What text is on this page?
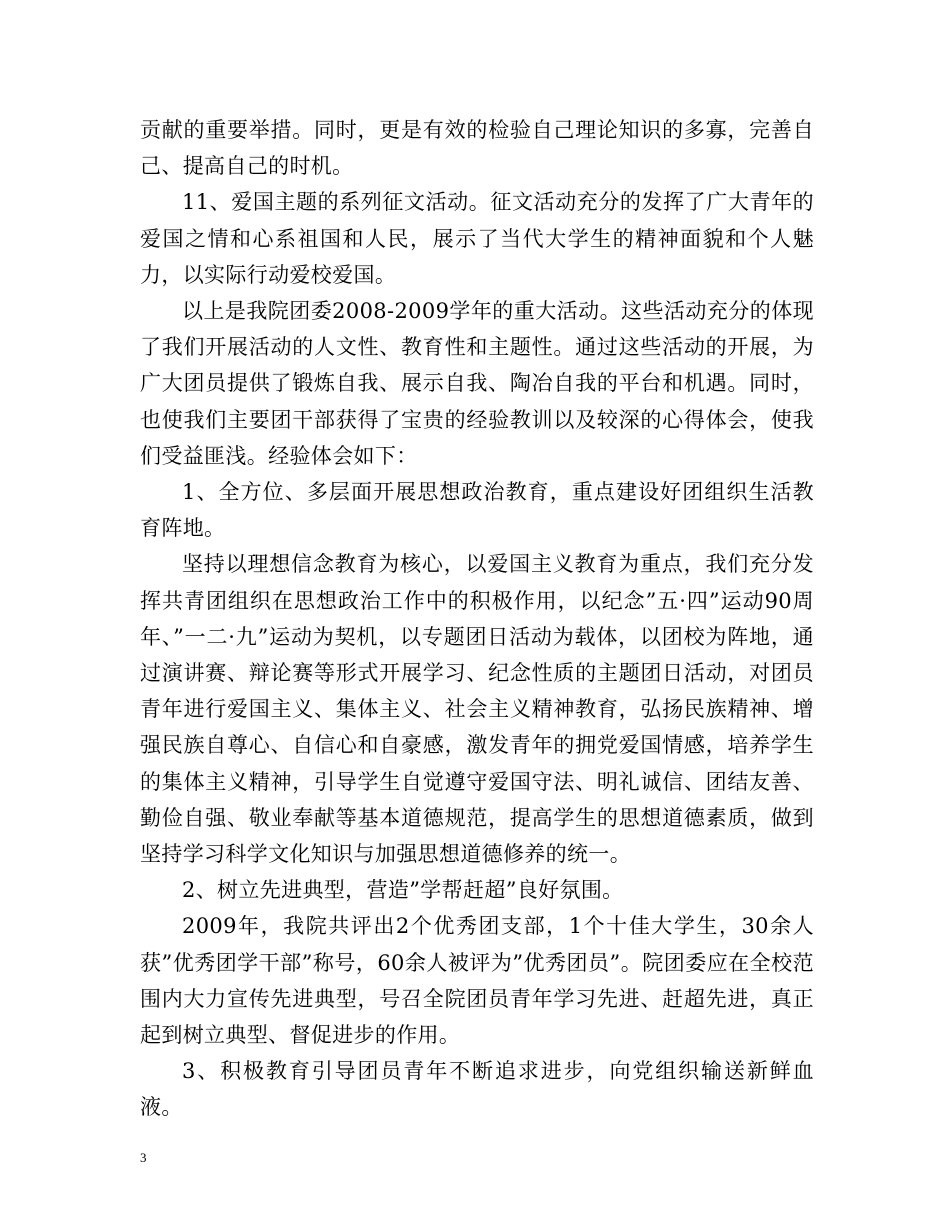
贡献的重要举措。同时，更是有效的检验自己理论知识的多寡，完善自己、提高自己的时机。

11、爱国主题的系列征文活动。征文活动充分的发挥了广大青年的爱国之情和心系祖国和人民，展示了当代大学生的精神面貌和个人魅力，以实际行动爱校爱国。

以上是我院团委2008-2009学年的重大活动。这些活动充分的体现了我们开展活动的人文性、教育性和主题性。通过这些活动的开展，为广大团员提供了锻炼自我、展示自我、陶冶自我的平台和机遇。同时，也使我们主要团干部获得了宝贵的经验教训以及较深的心得体会，使我们受益匪浅。经验体会如下：

1、全方位、多层面开展思想政治教育，重点建设好团组织生活教育阵地。

坚持以理想信念教育为核心，以爱国主义教育为重点，我们充分发挥共青团组织在思想政治工作中的积极作用，以纪念”五·四”运动90周年、”一二·九”运动为契机，以专题团日活动为载体，以团校为阵地，通过演讲赛、辩论赛等形式开展学习、纪念性质的主题团日活动，对团员青年进行爱国主义、集体主义、社会主义精神教育，弘扬民族精神、增强民族自尊心、自信心和自豪感，激发青年的拥党爱国情感，培养学生的集体主义精神，引导学生自觉遵守爱国守法、明礼诚信、团结友善、勤俭自强、敬业奉献等基本道德规范，提高学生的思想道德素质，做到坚持学习科学文化知识与加强思想道德修养的统一。

2、树立先进典型，营造”学帮赶超”良好氛围。

2009年，我院共评出2个优秀团支部，1个十佳大学生，30余人获”优秀团学干部”称号，60余人被评为”优秀团员”。院团委应在全校范围内大力宣传先进典型，号召全院团员青年学习先进、赶超先进，真正起到树立典型、督促进步的作用。

3、积极教育引导团员青年不断追求进步，向党组织输送新鲜血液。

3
